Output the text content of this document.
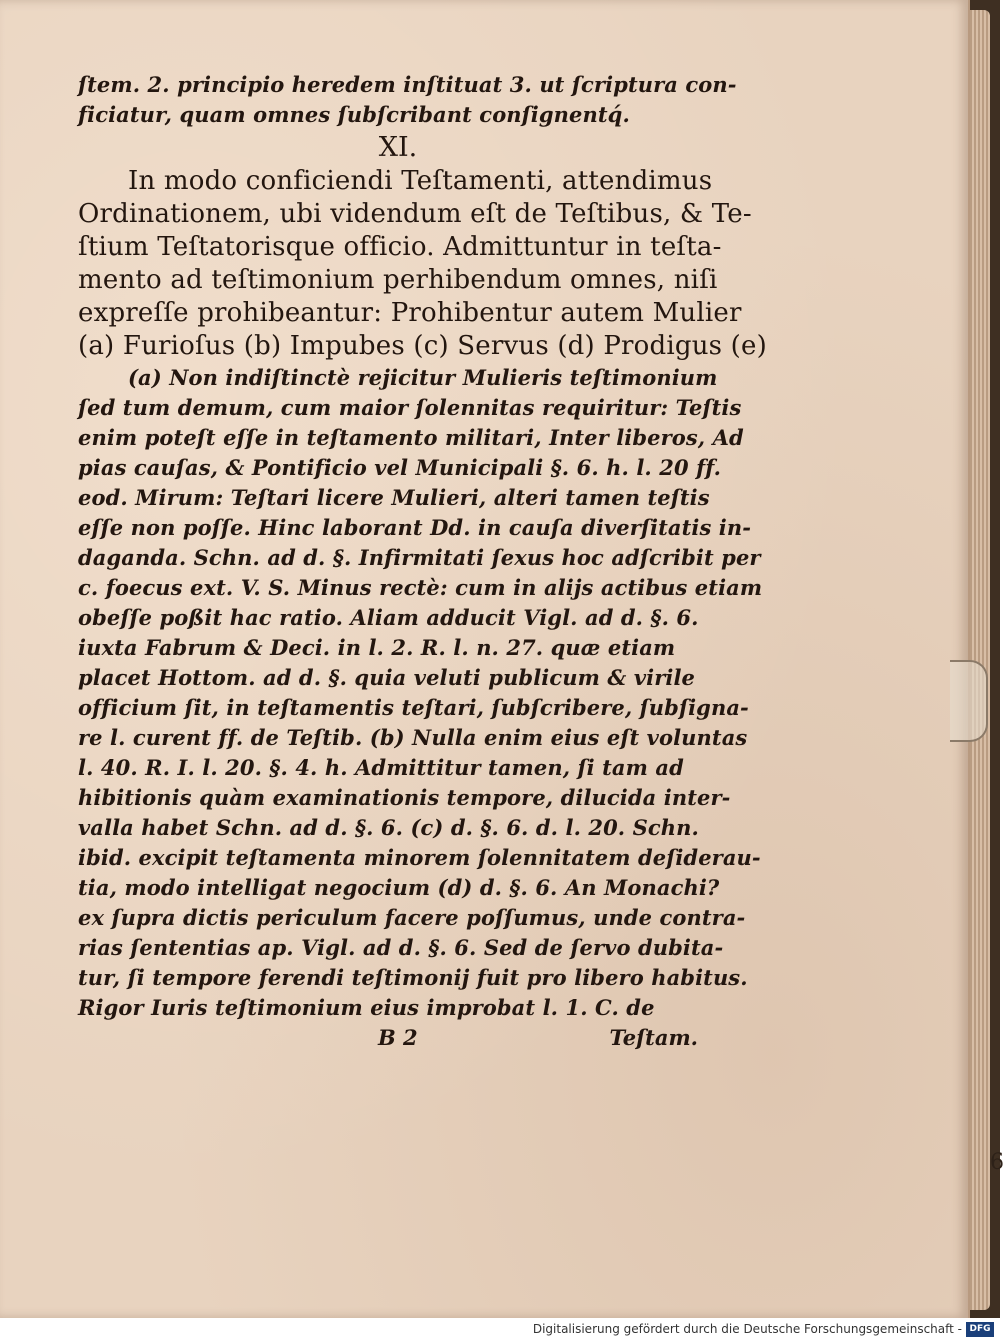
ſtem. 2. principio heredem inſtituat 3. ut ſcriptura con-
ficiatur, quam omnes ſubſcribant conſignentq́.
XI.
In modo conficiendi Teſtamenti, attendimus
Ordinationem, ubi videndum eſt de Teſtibus, & Te-
ſtium Teſtatorisque officio. Admittuntur in teſta-
mento ad teſtimonium perhibendum omnes, niſi
expreſſe prohibeantur: Prohibentur autem Mulier
(a) Furioſus (b) Impubes (c) Servus (d) Prodigus (e)
(a) Non indiſtinctè rejicitur Mulieris teſtimonium
ſed tum demum, cum maior ſolennitas requiritur: Teſtis
enim poteſt eſſe in teſtamento militari, Inter liberos, Ad
pias cauſas, & Pontificio vel Municipali §. 6. h. l. 20 ff.
eod. Mirum: Teſtari licere Mulieri, alteri tamen teſtis
eſſe non poſſe. Hinc laborant Dd. in cauſa diverſitatis in-
daganda. Schn. ad d. §. Infirmitati ſexus hoc adſcribit per
c. foecus ext. V. S. Minus rectè: cum in alijs actibus etiam
obeſſe poßit hac ratio. Aliam adducit Vigl. ad d. §. 6.
iuxta Fabrum & Deci. in l. 2. R. l. n. 27. quæ etiam
placet Hottom. ad d. §. quia veluti publicum & virile
officium ſit, in teſtamentis teſtari, ſubſcribere, ſubſigna-
re l. curent ff. de Teſtib. (b) Nulla enim eius eſt voluntas
l. 40. R. I. l. 20. §. 4. h. Admittitur tamen, ſi tam ad
hibitionis quàm examinationis tempore, dilucida inter-
valla habet Schn. ad d. §. 6. (c) d. §. 6. d. l. 20. Schn.
ibid. excipit teſtamenta minorem ſolennitatem deſiderau-
tia, modo intelligat negocium (d) d. §. 6. An Monachi?
ex ſupra dictis periculum facere poſſumus, unde contra-
rias ſententias ap. Vigl. ad d. §. 6. Sed de ſervo dubita-
tur, ſi tempore ferendi teſtimonij fuit pro libero habitus.
Rigor Iuris teſtimonium eius improbat l. 1. C. de
B 2	Teſtam.
6
Digitalisierung gefördert durch die Deutsche Forschungsgemeinschaft - DFG
